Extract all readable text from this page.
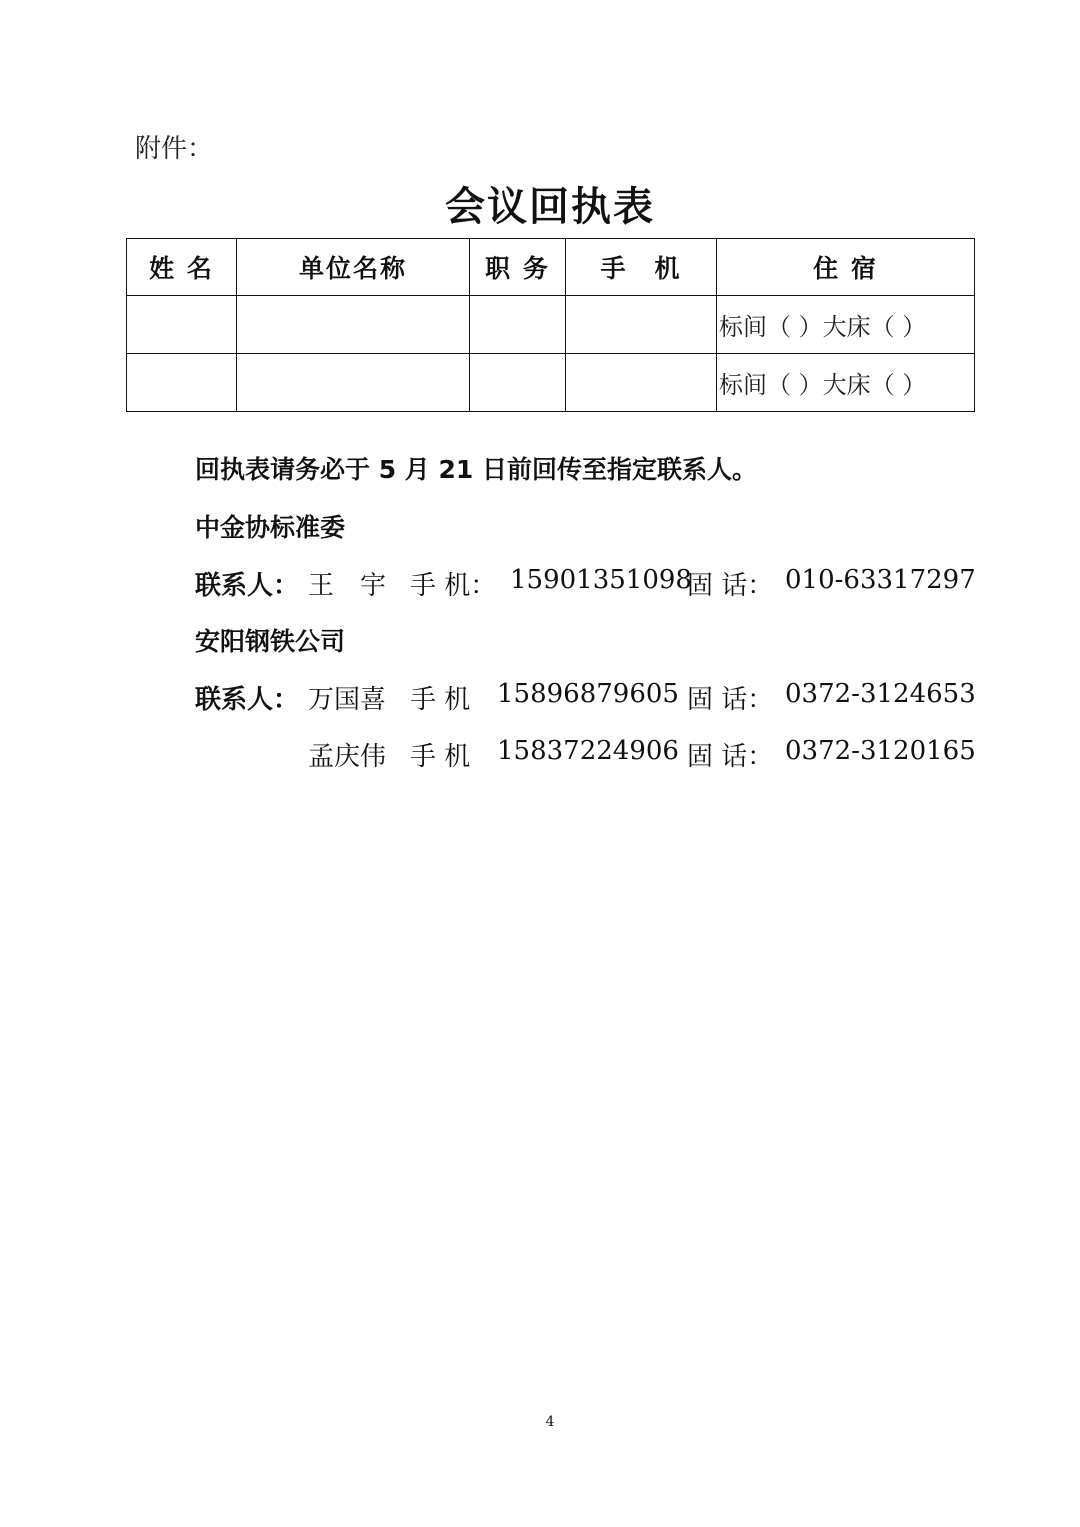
附件：
会议回执表
姓 名	单位名称	职 务	手　机	住 宿
				标间（ ）大床（ ）
				标间（ ）大床（ ）
回执表请务必于 5 月 21 日前回传至指定联系人。
中金协标准委
联系人： 王　宇 手 机： 15901351098
固 话： 010-63317297
安阳钢铁公司
联系人： 万国喜 手 机 15896879605 固 话： 0372-3124653
孟庆伟 手 机 15837224906 固 话： 0372-3120165
4
